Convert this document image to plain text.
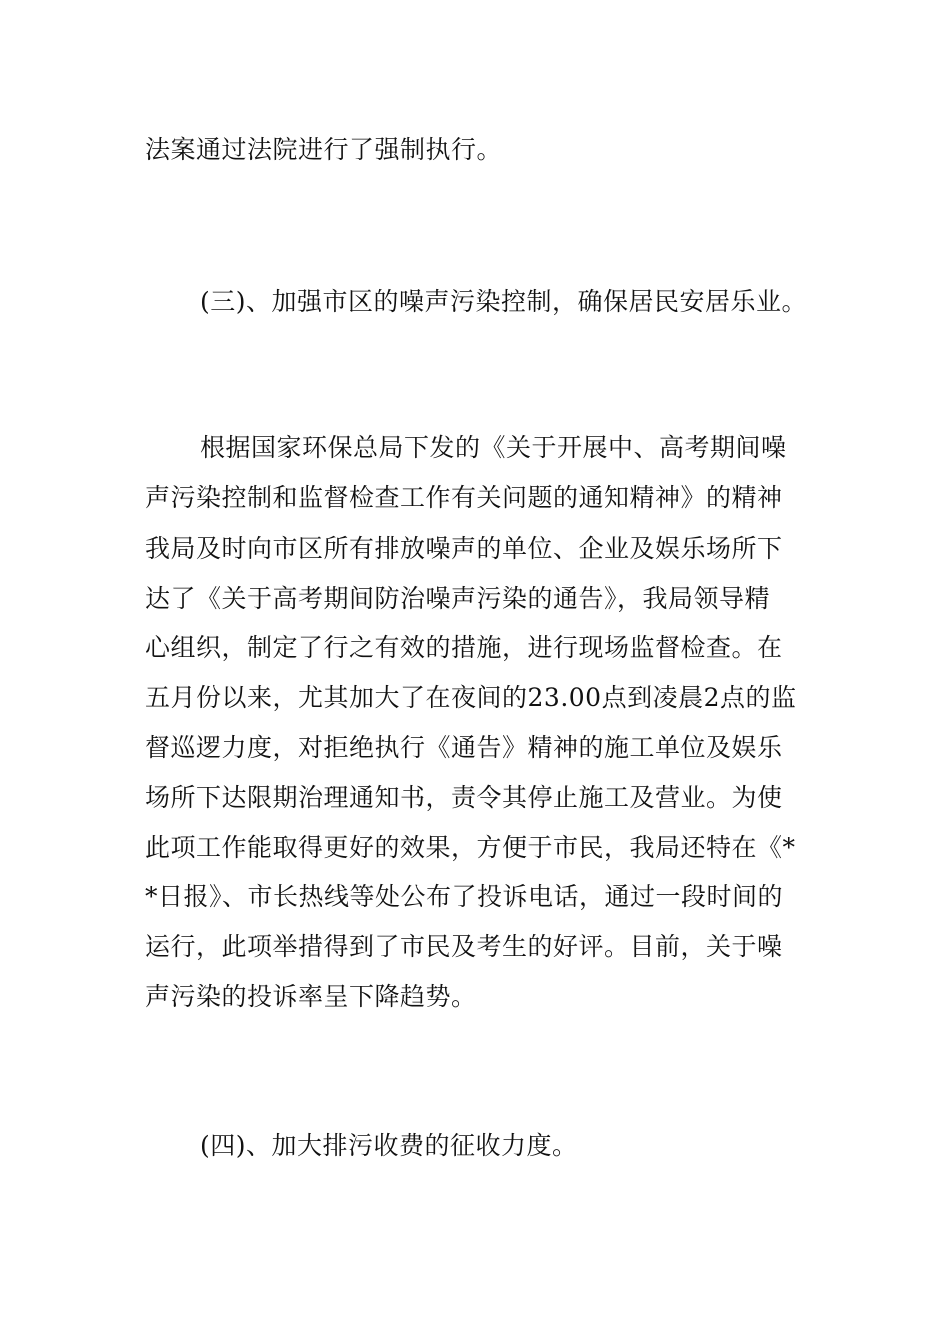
法案通过法院进行了强制执行。
(三)、加强市区的噪声污染控制，确保居民安居乐业。
根据国家环保总局下发的《关于开展中、高考期间噪
声污染控制和监督检查工作有关问题的通知精神》的精神
我局及时向市区所有排放噪声的单位、企业及娱乐场所下
达了《关于高考期间防治噪声污染的通告》，我局领导精
心组织，制定了行之有效的措施，进行现场监督检查。在
五月份以来，尤其加大了在夜间的23.00点到凌晨2点的监
督巡逻力度，对拒绝执行《通告》精神的施工单位及娱乐
场所下达限期治理通知书，责令其停止施工及营业。为使
此项工作能取得更好的效果，方便于市民，我局还特在《*
*日报》、市长热线等处公布了投诉电话，通过一段时间的
运行，此项举措得到了市民及考生的好评。目前，关于噪
声污染的投诉率呈下降趋势。
(四)、加大排污收费的征收力度。
